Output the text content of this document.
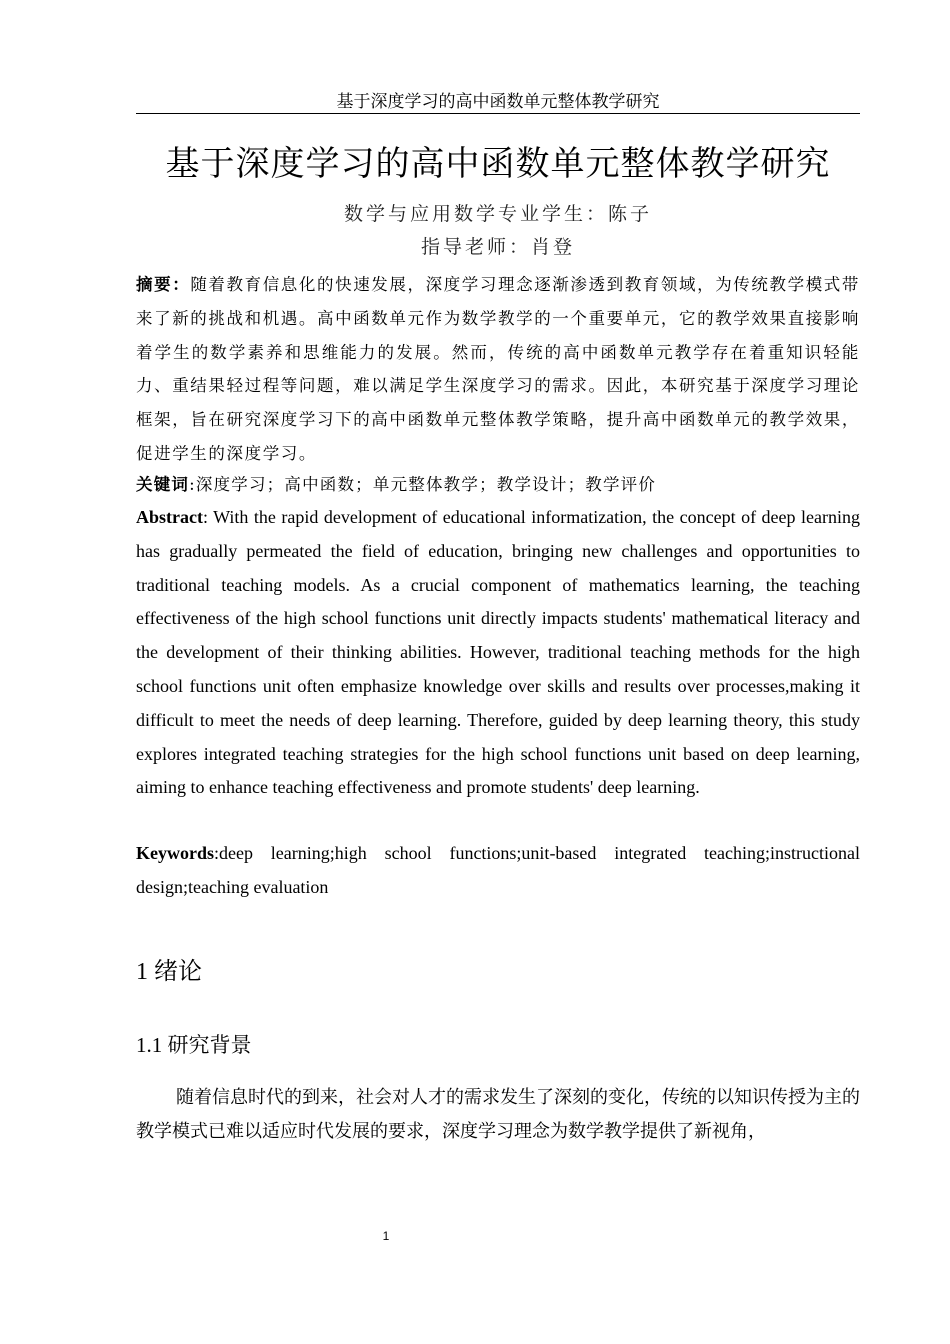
基于深度学习的高中函数单元整体教学研究
基于深度学习的高中函数单元整体教学研究
数学与应用数学专业学生：陈子
指导老师：肖登
摘要：随着教育信息化的快速发展，深度学习理念逐渐渗透到教育领域，为传统教学模式带来了新的挑战和机遇。高中函数单元作为数学教学的一个重要单元，它的教学效果直接影响着学生的数学素养和思维能力的发展。然而，传统的高中函数单元教学存在着重知识轻能力、重结果轻过程等问题，难以满足学生深度学习的需求。因此，本研究基于深度学习理论框架，旨在研究深度学习下的高中函数单元整体教学策略，提升高中函数单元的教学效果，促进学生的深度学习。
关键词:深度学习；高中函数；单元整体教学；教学设计；教学评价
Abstract: With the rapid development of educational informatization, the concept of deep learning has gradually permeated the field of education, bringing new challenges and opportunities to traditional teaching models. As a crucial component of mathematics learning, the teaching effectiveness of the high school functions unit directly impacts students' mathematical literacy and the development of their thinking abilities. However, traditional teaching methods for the high school functions unit often emphasize knowledge over skills and results over processes,making it difficult to meet the needs of deep learning. Therefore, guided by deep learning theory, this study explores integrated teaching strategies for the high school functions unit based on deep learning, aiming to enhance teaching effectiveness and promote students' deep learning.
Keywords:deep learning;high school functions;unit-based integrated teaching;instructional design;teaching evaluation
1 绪论
1.1 研究背景
随着信息时代的到来，社会对人才的需求发生了深刻的变化，传统的以知识传授为主的教学模式已难以适应时代发展的要求，深度学习理念为数学教学提供了新视角，
1
